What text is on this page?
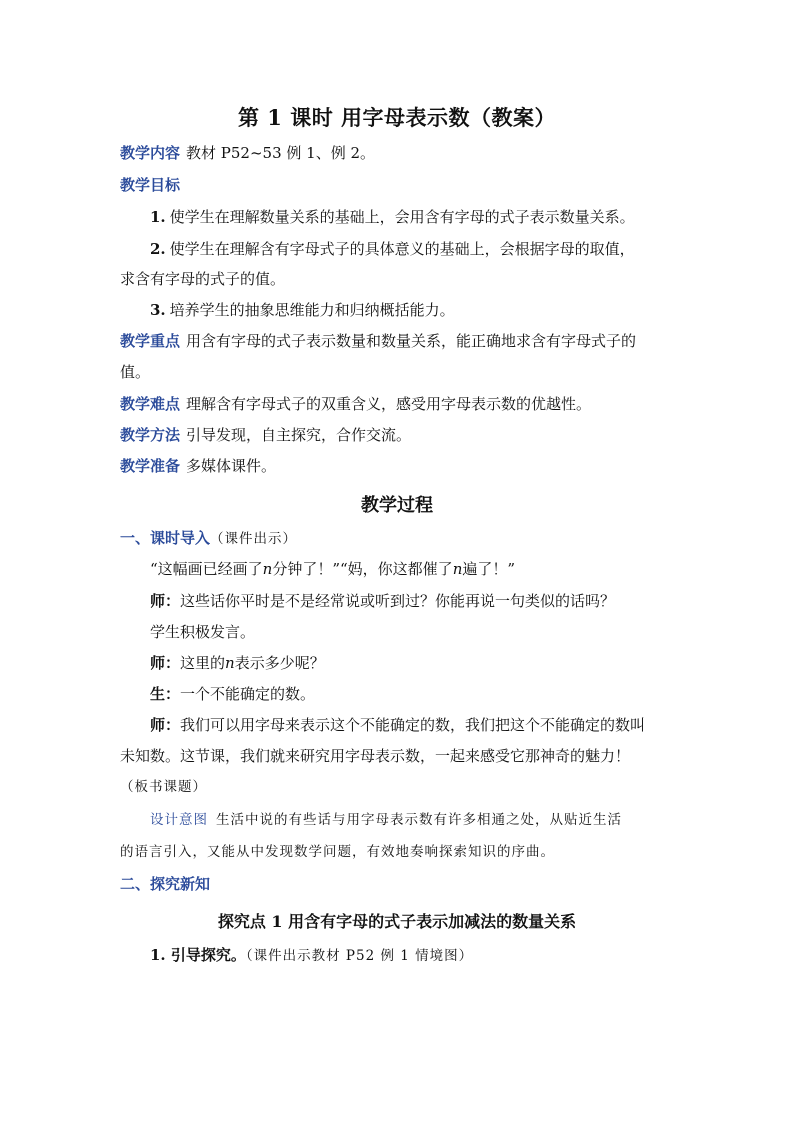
第 1 课时 用字母表示数（教案）
教学内容 教材 P52~53 例 1、例 2。
教学目标
1. 使学生在理解数量关系的基础上，会用含有字母的式子表示数量关系。
2. 使学生在理解含有字母式子的具体意义的基础上，会根据字母的取值，
求含有字母的式子的值。
3. 培养学生的抽象思维能力和归纳概括能力。
教学重点 用含有字母的式子表示数量和数量关系，能正确地求含有字母式子的
值。
教学难点 理解含有字母式子的双重含义，感受用字母表示数的优越性。
教学方法 引导发现，自主探究，合作交流。
教学准备 多媒体课件。
教学过程
一、课时导入（课件出示）
“这幅画已经画了n分钟了！”“妈，你这都催了n遍了！”
师：这些话你平时是不是经常说或听到过？你能再说一句类似的话吗？
学生积极发言。
师：这里的n表示多少呢？
生：一个不能确定的数。
师：我们可以用字母来表示这个不能确定的数，我们把这个不能确定的数叫
未知数。这节课，我们就来研究用字母表示数，一起来感受它那神奇的魅力！
（板书课题）
设计意图 生活中说的有些话与用字母表示数有许多相通之处，从贴近生活
的语言引入，又能从中发现数学问题，有效地奏响探索知识的序曲。
二、探究新知
探究点 1 用含有字母的式子表示加减法的数量关系
1. 引导探究。（课件出示教材 P52 例 1 情境图）
